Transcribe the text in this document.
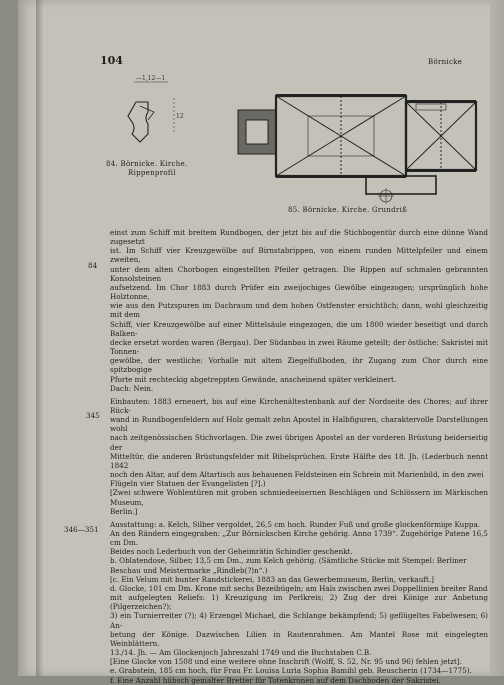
104	Börnicke
—1,12—1
12
84. Börnicke. Kirche.
Rippenprofil
85. Börnicke. Kirche. Grundriß
84
345
346—351

einst zum Schiff mit breitem Rundbogen, der jetzt bis auf die Stichbogentür durch eine dünne Wand zugesetzt

ist. Im Schiff vier Kreuzgewölbe auf Birnstabrippen, von einem runden Mittelpfeiler und einem zweiten,

unter dem alten Chorbogen eingestellten Pfeiler getragen. Die Rippen auf schmalen gebrannten Konsolsteinen

aufsetzend. Im Chor 1883 durch Prüfer ein zweijochiges Gewölbe eingezogen; ursprünglich hohe Holztonne,

wie aus den Putzspuren im Dachraum und dem hohen Ostfenster ersichtlich; dann, wohl gleichzeitig mit dem

Schiff, vier Kreuzgewölbe auf einer Mittelsäule eingezogen, die um 1800 wieder beseitigt und durch Balken-

decke ersetzt worden waren (Bergau). Der Südanbau in zwei Räume geteilt; der östliche: Sakristei mit Tonnen-

gewölbe, der westliche: Vorhalle mit altem Ziegelfußboden, ihr Zugang zum Chor durch eine spitzbogige

Pforte mit rechteckig abgetreppten Gewände, anscheinend später verkleinert.

Dach: Nein.

Einbauten: 1883 erneuert, bis auf eine Kirchenältestenbank auf der Nordseite des Chores; auf ihrer Rück-

wand in Rundbogenfeldern auf Holz gemalt zehn Apostel in Halbfiguren, charaktervolle Darstellungen wohl

nach zeitgenössischen Stichvorlagen. Die zwei übrigen Apostel an der vorderen Brüstung beiderseitig der

Mitteltür, die anderen Brüstungsfelder mit Bibelsprüchen. Erste Hälfte des 18. Jh. (Lederbuch nennt 1842

noch den Altar, auf dem Altartisch aus behauenen Feldsteinen ein Schrein mit Marienbild, in den zwei

Flügeln vier Statuen der Evangelisten [?].)

[Zwei schwere Wohlentüren mit groben schmiedeeisernen Beschlägen und Schlössern im Märkischen Museum,

Berlin.]

Ausstattung: a. Kelch, Silber vergoldet, 26,5 cm hoch. Runder Fuß und große glockenförmige Kuppa.

An den Rändern eingegraben: „Zur Börnickschen Kirche gehörig. Anno 1739“. Zugehörige Patene 16,5 cm Dm.

Beides noch Lederbuch von der Geheimrätin Schindler geschenkt.

b. Oblatendose, Silber, 13,5 cm Dm., zum Kelch gehörig. (Sämtliche Stücke mit Stempel: Berliner

Beschau und Meistermarke „Rindleb(?)n“.)

[c. Ein Velum mit bunter Randstickerei, 1883 an das Gewerbemuseum, Berlin, verkauft.]

d. Glocke, 101 cm Dm. Krone mit sechs Bezeibügeln; am Hals zwischen zwei Doppellinien breiter Rand

mit aufgelegten Reliefs: 1) Kreuzigung im Perlkreis; 2) Zug der drei Könige zur Anbetung (Pilgerzeichen?);

3) ein Turnierreiter (?); 4) Erzengel Michael, die Schlange bekämpfend; 5) geflügeltes Fabelwesen; 6) An-

betung der Könige. Dazwischen Lilien in Rautenrahmen. Am Mantel Rose mit eingelegten Weinblättern.

13./14. Jh. — Am Glockenjoch Jahreszahl 1749 und die Buchstaben C.B.

[Eine Glocke von 1508 und eine weitere ohne Inschrift (Wolff, S. 52, Nr. 95 und 96) fehlen jetzt].

e. Grabstein, 185 cm hoch, für Frau Fr. Louisa Luria Sophia Bamihl geb. Reuscherin (1734—1775).

f. Eine Anzahl hübsch gemalter Bretter für Totenkronen auf dem Dachboden der Sakristei.
